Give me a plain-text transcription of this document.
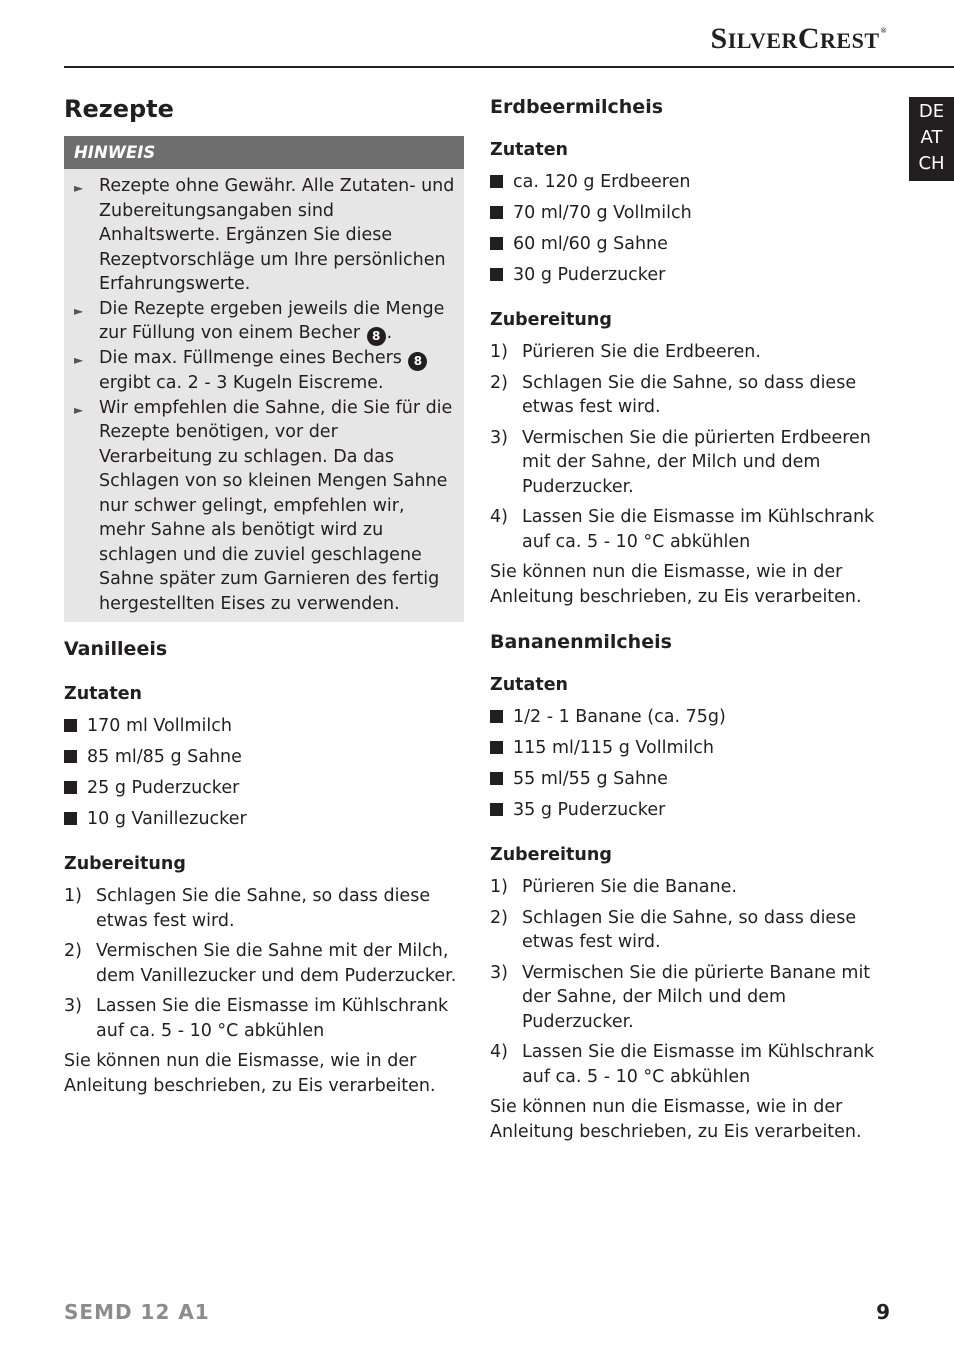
SILVERCREST®
DE
AT
CH
Rezepte
HINWEIS
► Rezepte ohne Gewähr. Alle Zutaten- und Zubereitungsangaben sind Anhaltswerte. Ergänzen Sie diese Rezeptvorschläge um Ihre persönlichen Erfahrungswerte.
► Die Rezepte ergeben jeweils die Menge zur Füllung von einem Becher 8 .
► Die max. Füllmenge eines Bechers 8 ergibt ca. 2 - 3 Kugeln Eiscreme.
► Wir empfehlen die Sahne, die Sie für die Rezepte benötigen, vor der Verarbeitung zu schlagen. Da das Schlagen von so kleinen Mengen Sahne nur schwer gelingt, empfehlen wir, mehr Sahne als benötigt wird zu schlagen und die zuviel geschlagene Sahne später zum Garnieren des fertig hergestellten Eises zu verwenden.
Vanilleeis
Zutaten
170 ml Vollmilch
85 ml/85 g Sahne
25 g Puderzucker
10 g Vanillezucker
Zubereitung
1) Schlagen Sie die Sahne, so dass diese etwas fest wird.
2) Vermischen Sie die Sahne mit der Milch, dem Vanillezucker und dem Puderzucker.
3) Lassen Sie die Eismasse im Kühlschrank auf ca. 5 - 10 °C abkühlen

Sie können nun die Eismasse, wie in der Anleitung beschrieben, zu Eis verarbeiten.

Erdbeermilcheis
Zutaten
ca. 120 g Erdbeeren
70 ml/70 g Vollmilch
60 ml/60 g Sahne
30 g Puderzucker
Zubereitung
1) Pürieren Sie die Erdbeeren.
2) Schlagen Sie die Sahne, so dass diese etwas fest wird.
3) Vermischen Sie die pürierten Erdbeeren mit der Sahne, der Milch und dem Puderzucker.
4) Lassen Sie die Eismasse im Kühlschrank auf ca. 5 - 10 °C abkühlen

Sie können nun die Eismasse, wie in der Anleitung beschrieben, zu Eis verarbeiten.

Bananenmilcheis
Zutaten
1/2 - 1 Banane (ca. 75g)
115 ml/115 g Vollmilch
55 ml/55 g Sahne
35 g Puderzucker
Zubereitung
1) Pürieren Sie die Banane.
2) Schlagen Sie die Sahne, so dass diese etwas fest wird.
3) Vermischen Sie die pürierte Banane mit der Sahne, der Milch und dem Puderzucker.
4) Lassen Sie die Eismasse im Kühlschrank auf ca. 5 - 10 °C abkühlen

Sie können nun die Eismasse, wie in der Anleitung beschrieben, zu Eis verarbeiten.

SEMD 12 A1	9
